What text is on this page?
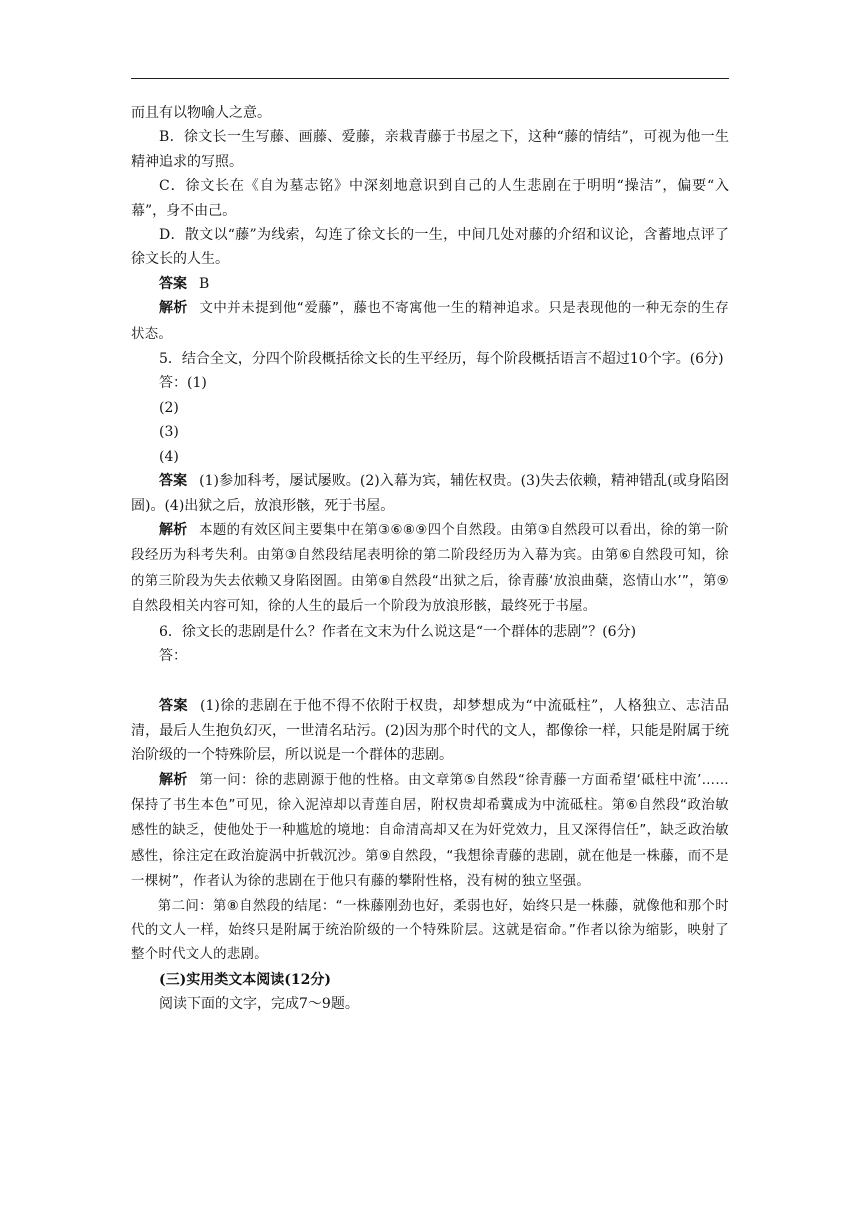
而且有以物喻人之意。

B．徐文长一生写藤、画藤、爱藤，亲栽青藤于书屋之下，这种“藤的情结”，可视为他一生精神追求的写照。

C．徐文长在《自为墓志铭》中深刻地意识到自己的人生悲剧在于明明“操洁”，偏要“入幕”，身不由己。

D．散文以“藤”为线索，勾连了徐文长的一生，中间几处对藤的介绍和议论，含蓄地点评了徐文长的人生。

答案 B

解析 文中并未提到他“爱藤”，藤也不寄寓他一生的精神追求。只是表现他的一种无奈的生存状态。

5．结合全文，分四个阶段概括徐文长的生平经历，每个阶段概括语言不超过10个字。(6分)

答：(1)

(2)

(3)

(4)

答案 (1)参加科考，屡试屡败。(2)入幕为宾，辅佐权贵。(3)失去依赖，精神错乱(或身陷囹圄)。(4)出狱之后，放浪形骸，死于书屋。

解析 本题的有效区间主要集中在第③⑥⑧⑨四个自然段。由第③自然段可以看出，徐的第一阶段经历为科考失利。由第③自然段结尾表明徐的第二阶段经历为入幕为宾。由第⑥自然段可知，徐的第三阶段为失去依赖又身陷囹圄。由第⑧自然段“出狱之后，徐青藤‘放浪曲蘖，恣情山水’”，第⑨自然段相关内容可知，徐的人生的最后一个阶段为放浪形骸，最终死于书屋。

6．徐文长的悲剧是什么？作者在文末为什么说这是“一个群体的悲剧”？(6分)

答：

答案 (1)徐的悲剧在于他不得不依附于权贵，却梦想成为“中流砥柱”，人格独立、志洁品清，最后人生抱负幻灭，一世清名玷污。(2)因为那个时代的文人，都像徐一样，只能是附属于统治阶级的一个特殊阶层，所以说是一个群体的悲剧。

解析 第一问：徐的悲剧源于他的性格。由文章第⑤自然段“徐青藤一方面希望‘砥柱中流’……保持了书生本色”可见，徐入泥淖却以青莲自居，附权贵却希冀成为中流砥柱。第⑥自然段“政治敏感性的缺乏，使他处于一种尴尬的境地：自命清高却又在为奸党效力，且又深得信任”，缺乏政治敏感性，徐注定在政治旋涡中折戟沉沙。第⑨自然段，“我想徐青藤的悲剧，就在他是一株藤，而不是一棵树”，作者认为徐的悲剧在于他只有藤的攀附性格，没有树的独立坚强。

第二问：第⑧自然段的结尾：“一株藤刚劲也好，柔弱也好，始终只是一株藤，就像他和那个时代的文人一样，始终只是附属于统治阶级的一个特殊阶层。这就是宿命。”作者以徐为缩影，映射了整个时代文人的悲剧。

(三)实用类文本阅读(12分)

阅读下面的文字，完成7～9题。
